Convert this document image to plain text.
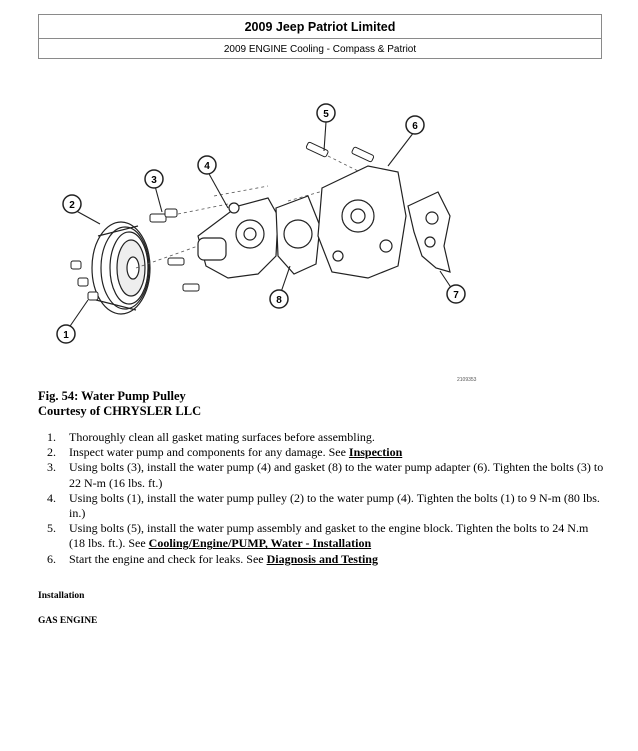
2009 Jeep Patriot Limited
2009 ENGINE Cooling - Compass & Patriot
1
2
3
4
5
6
7
8
2109353
Fig. 54: Water Pump Pulley
Courtesy of CHRYSLER LLC
1. Thoroughly clean all gasket mating surfaces before assembling.
2. Inspect water pump and components for any damage. See Inspection
3. Using bolts (3), install the water pump (4) and gasket (8) to the water pump adapter (6). Tighten the bolts (3) to 22 N-m (16 lbs. ft.)
4. Using bolts (1), install the water pump pulley (2) to the water pump (4). Tighten the bolts (1) to 9 N-m (80 lbs. in.)
5. Using bolts (5), install the water pump assembly and gasket to the engine block. Tighten the bolts to 24 N.m (18 lbs. ft.). See Cooling/Engine/PUMP, Water - Installation
6. Start the engine and check for leaks. See Diagnosis and Testing
Installation
GAS ENGINE
